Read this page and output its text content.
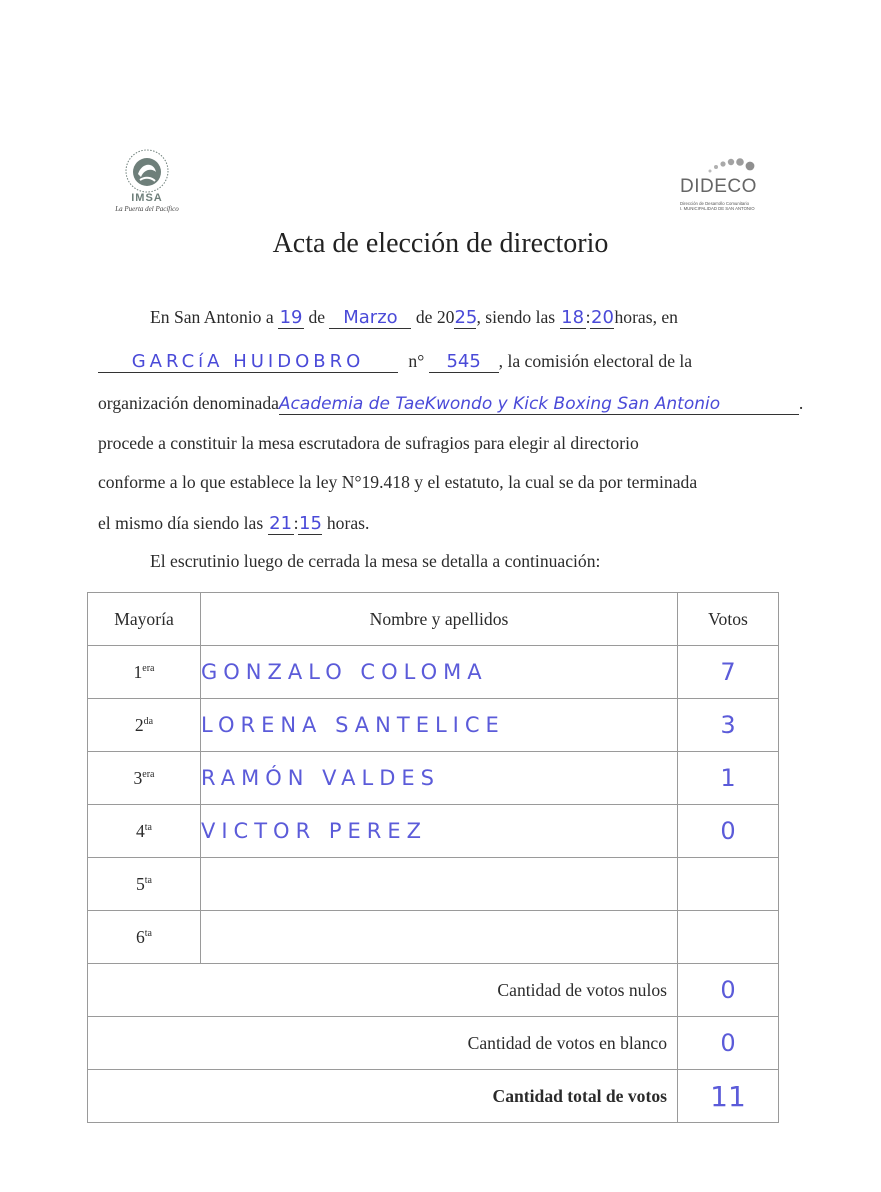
IMSA
La Puerta del Pacífico
DIDECO
Dirección de Desarrollo Comunitario
I. MUNICIPALIDAD DE SAN ANTONIO
Acta de elección de directorio
En San Antonio a 19 de Marzo de 2025, siendo las 18:20horas, en
GARCíA HUIDOBRO	n° 545 , la comisión electoral de la
organización denominadaAcademia de TaeKwondo y Kick Boxing San Antonio	.
procede a constituir la mesa escrutadora de sufragios para elegir al directorio
conforme a lo que establece la ley N°19.418 y el estatuto, la cual se da por terminada
el mismo día siendo las 21:15 horas.
El escrutinio luego de cerrada la mesa se detalla a continuación:
Mayoría	Nombre y apellidos	Votos
$1^{era}$	GONZALO COLOMA	7
$2^{da}$	LORENA SANTELICE	3
$3^{era}$	RAMÓN VALDES	1
$4^{ta}$	VICTOR PEREZ	0
$5^{ta}$		
$6^{ta}$		
Cantidad de votos nulos		0
Cantidad de votos en blanco		0
Cantidad total de votos		11
